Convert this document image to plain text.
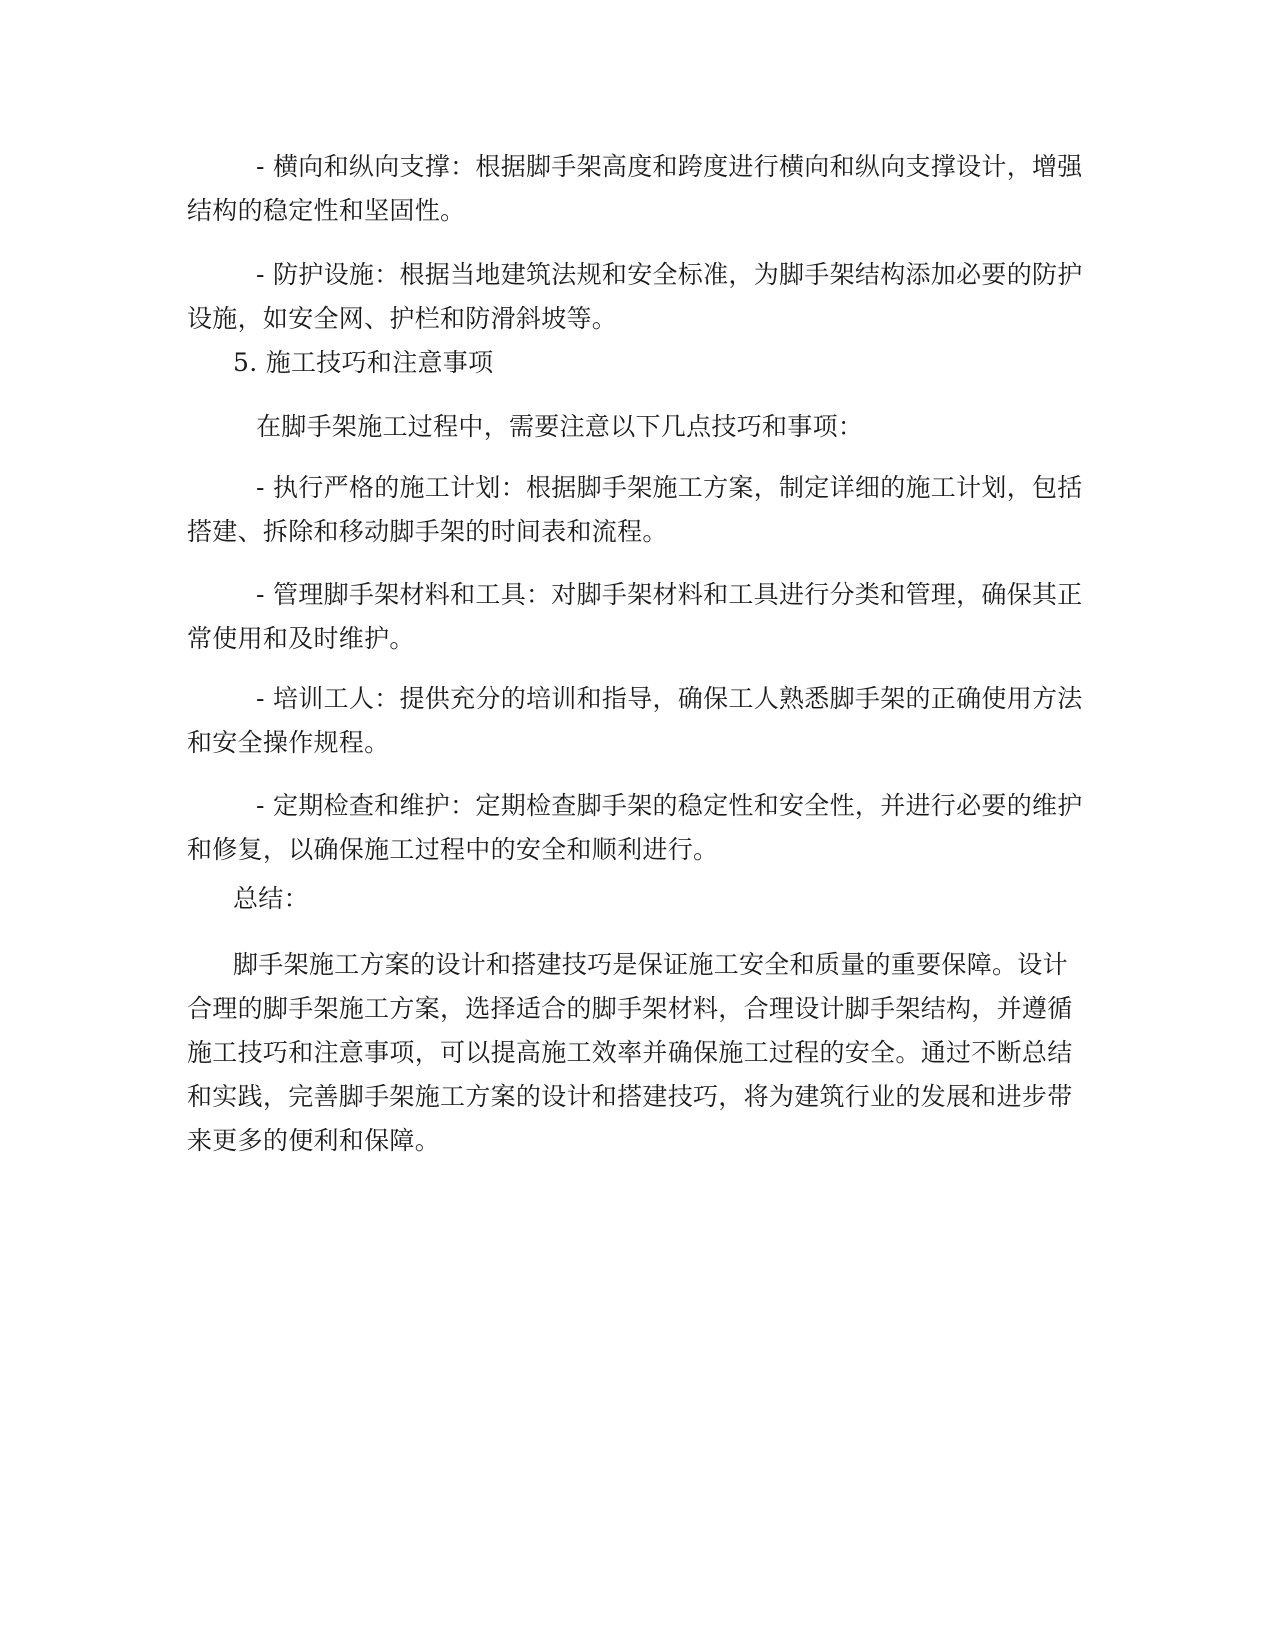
- 横向和纵向支撑：根据脚手架高度和跨度进行横向和纵向支撑设计，增强结构的稳定性和坚固性。

- 防护设施：根据当地建筑法规和安全标准，为脚手架结构添加必要的防护设施，如安全网、护栏和防滑斜坡等。

5. 施工技巧和注意事项

在脚手架施工过程中，需要注意以下几点技巧和事项：

- 执行严格的施工计划：根据脚手架施工方案，制定详细的施工计划，包括搭建、拆除和移动脚手架的时间表和流程。

- 管理脚手架材料和工具：对脚手架材料和工具进行分类和管理，确保其正常使用和及时维护。

- 培训工人：提供充分的培训和指导，确保工人熟悉脚手架的正确使用方法和安全操作规程。

- 定期检查和维护：定期检查脚手架的稳定性和安全性，并进行必要的维护和修复，以确保施工过程中的安全和顺利进行。

总结：

脚手架施工方案的设计和搭建技巧是保证施工安全和质量的重要保障。设计合理的脚手架施工方案，选择适合的脚手架材料，合理设计脚手架结构，并遵循施工技巧和注意事项，可以提高施工效率并确保施工过程的安全。通过不断总结和实践，完善脚手架施工方案的设计和搭建技巧，将为建筑行业的发展和进步带来更多的便利和保障。
